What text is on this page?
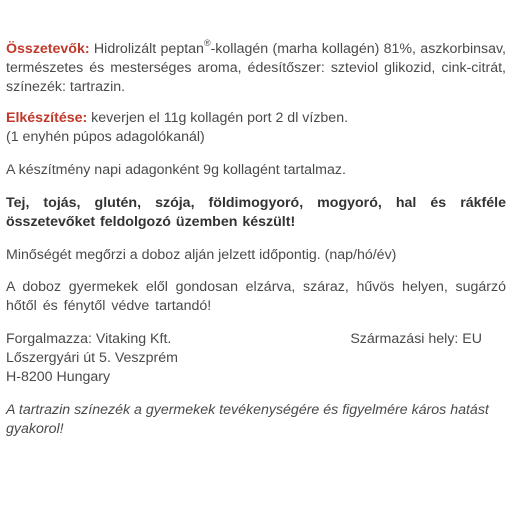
Összetevők: Hidrolizált peptan®-kollagén (marha kollagén) 81%, aszkorbinsav, természetes és mesterséges aroma, édesítőszer: szteviol glikozid, cink-citrát, színezék: tartrazin.

Elkészítése: keverjen el 11g kollagén port 2 dl vízben.
(1 enyhén púpos adagolókanál)

A készítmény napi adagonként 9g kollagént tartalmaz.

Tej, tojás, glutén, szója, földimogyoró, mogyoró, hal és rákféle összetevőket feldolgozó üzemben készült!

Minőségét megőrzi a doboz alján jelzett időpontig. (nap/hó/év)

A doboz gyermekek elől gondosan elzárva, száraz, hűvös helyen, sugárzó hőtől és fénytől védve tartandó!

Forgalmazza: Vitaking Kft.
Lőszergyári út 5. Veszprém
H-8200 Hungary
Származási hely: EU

A tartrazin színezék a gyermekek tevékenységére és figyelmére káros hatást gyakorol!
